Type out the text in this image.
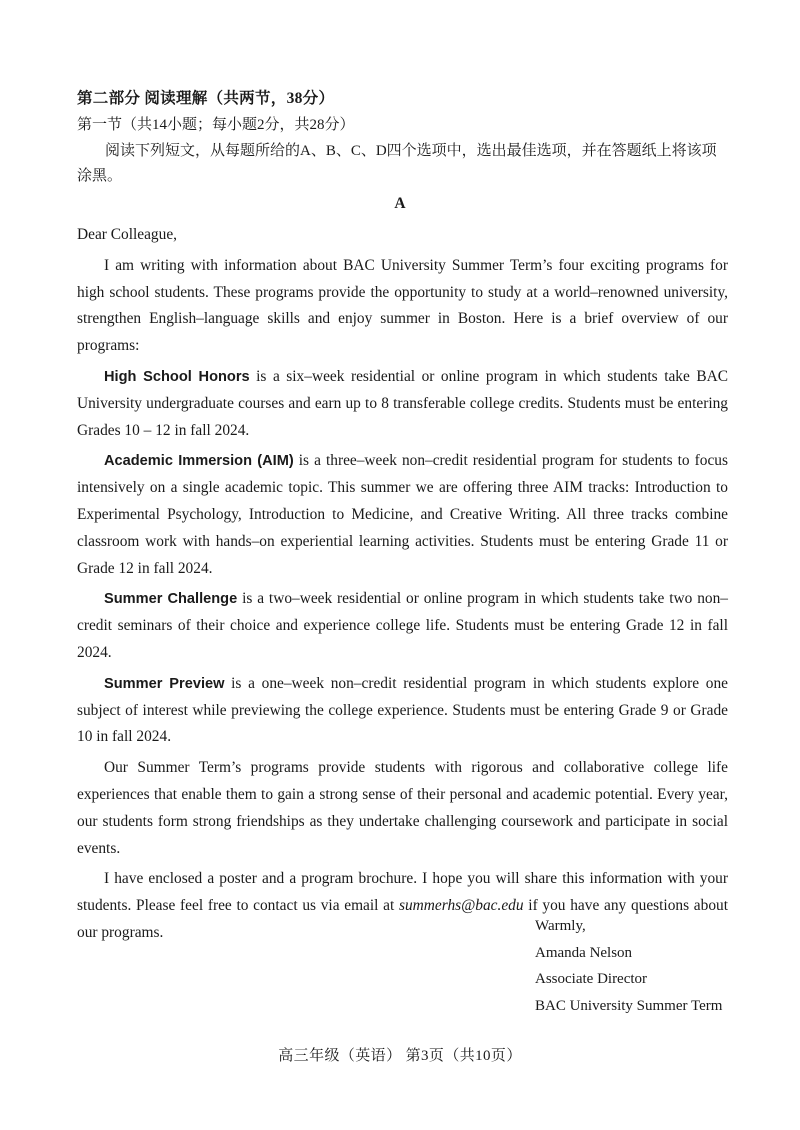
第二部分 阅读理解（共两节，38分）
第一节（共14小题；每小题2分，共28分）
阅读下列短文，从每题所给的A、B、C、D四个选项中，选出最佳选项，并在答题纸上将该项涂黑。
A

Dear Colleague,

I am writing with information about BAC University Summer Term’s four exciting programs for high school students. These programs provide the opportunity to study at a world–renowned university, strengthen English–language skills and enjoy summer in Boston. Here is a brief overview of our programs:

High School Honors is a six–week residential or online program in which students take BAC University undergraduate courses and earn up to 8 transferable college credits. Students must be entering Grades 10 – 12 in fall 2024.

Academic Immersion (AIM) is a three–week non–credit residential program for students to focus intensively on a single academic topic. This summer we are offering three AIM tracks: Introduction to Experimental Psychology, Introduction to Medicine, and Creative Writing. All three tracks combine classroom work with hands–on experiential learning activities. Students must be entering Grade 11 or Grade 12 in fall 2024.

Summer Challenge is a two–week residential or online program in which students take two non–credit seminars of their choice and experience college life. Students must be entering Grade 12 in fall 2024.

Summer Preview is a one–week non–credit residential program in which students explore one subject of interest while previewing the college experience. Students must be entering Grade 9 or Grade 10 in fall 2024.

Our Summer Term’s programs provide students with rigorous and collaborative college life experiences that enable them to gain a strong sense of their personal and academic potential. Every year, our students form strong friendships as they undertake challenging coursework and participate in social events.

I have enclosed a poster and a program brochure. I hope you will share this information with your students. Please feel free to contact us via email at summerhs@bac.edu if you have any questions about our programs.	Warmly,
Amanda Nelson
Associate Director
BAC University Summer Term
高三年级（英语） 第3页（共10页）
